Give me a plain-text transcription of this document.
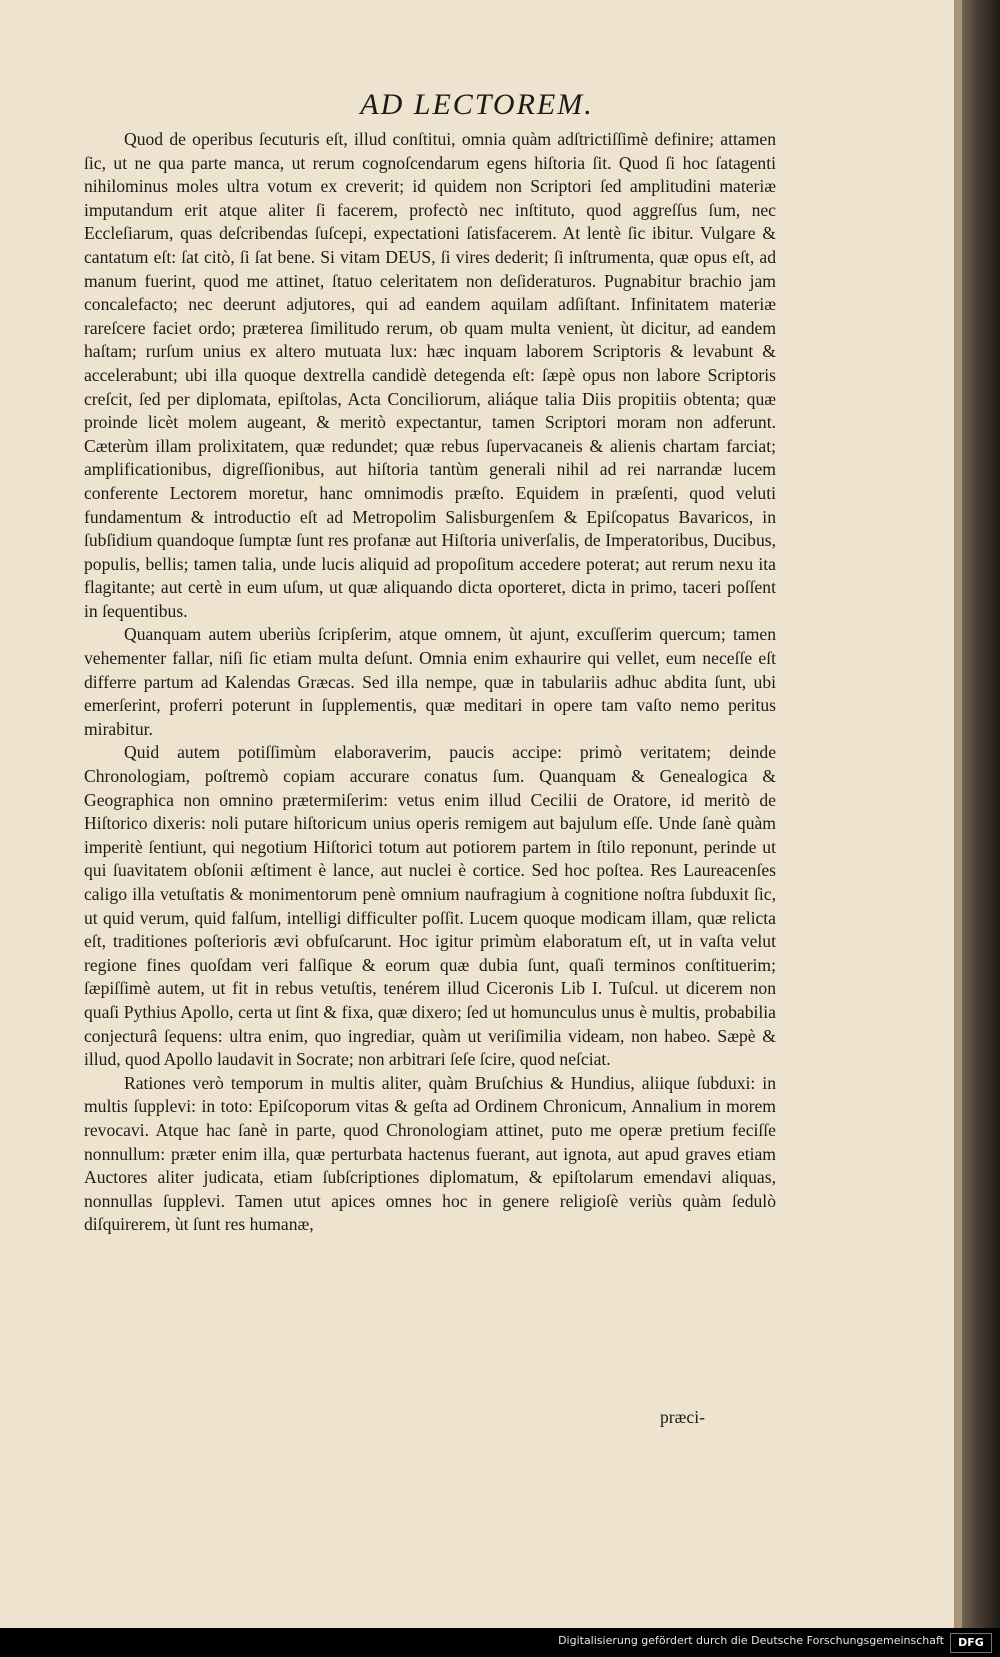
AD LECTOREM.

Quod de operibus ſecuturis eſt, illud conſtitui, omnia quàm adſtrictiſſimè definire; attamen ſic, ut ne qua parte manca, ut rerum cognoſcendarum egens hiſtoria ſit. Quod ſi hoc ſatagenti nihilominus moles ultra votum ex creverit; id quidem non Scriptori ſed amplitudini materiæ imputandum erit atque aliter ſi facerem, profectò nec inſtituto, quod aggreſſus ſum, nec Eccleſiarum, quas deſcribendas ſuſcepi, expectationi ſatisfacerem. At lentè ſic ibitur. Vulgare & cantatum eſt: ſat citò, ſi ſat bene. Si vitam DEUS, ſi vires dederit; ſi inſtrumenta, quæ opus eſt, ad manum fuerint, quod me attinet, ſtatuo celeritatem non deſideraturos. Pugnabitur brachio jam concalefacto; nec deerunt adjutores, qui ad eandem aquilam adſiſtant. Infinitatem materiæ rareſcere faciet ordo; præterea ſimilitudo rerum, ob quam multa venient, ùt dicitur, ad eandem haſtam; rurſum unius ex altero mutuata lux: hæc inquam laborem Scriptoris & levabunt & accelerabunt; ubi illa quoque dextrella candidè detegenda eſt: ſæpè opus non labore Scriptoris creſcit, ſed per diplomata, epiſtolas, Acta Conciliorum, aliáque talia Diis propitiis obtenta; quæ proinde licèt molem augeant, & meritò expectantur, tamen Scriptori moram non adferunt. Cæterùm illam prolixitatem, quæ redundet; quæ rebus ſupervacaneis & alienis chartam farciat; amplificationibus, digreſſionibus, aut hiſtoria tantùm generali nihil ad rei narrandæ lucem conferente Lectorem moretur, hanc omnimodis præſto. Equidem in præſenti, quod veluti fundamentum & introductio eſt ad Metropolim Salisburgenſem & Epiſcopatus Bavaricos, in ſubſidium quandoque ſumptæ ſunt res profanæ aut Hiſtoria univerſalis, de Imperatoribus, Ducibus, populis, bellis; tamen talia, unde lucis aliquid ad propoſitum accedere poterat; aut rerum nexu ita flagitante; aut certè in eum uſum, ut quæ aliquando dicta oporteret, dicta in primo, taceri poſſent in ſequentibus.

Quanquam autem uberiùs ſcripſerim, atque omnem, ùt ajunt, excuſſerim quercum; tamen vehementer fallar, niſi ſic etiam multa deſunt. Omnia enim exhaurire qui vellet, eum neceſſe eſt differre partum ad Kalendas Græcas. Sed illa nempe, quæ in tabulariis adhuc abdita ſunt, ubi emerſerint, proferri poterunt in ſupplementis, quæ meditari in opere tam vaſto nemo peritus mirabitur.

Quid autem potiſſimùm elaboraverim, paucis accipe: primò veritatem; deinde Chronologiam, poſtremò copiam accurare conatus ſum. Quanquam & Genealogica & Geographica non omnino prætermiſerim: vetus enim illud Cecilii de Oratore, id meritò de Hiſtorico dixeris: noli putare hiſtoricum unius operis remigem aut bajulum eſſe. Unde ſanè quàm imperitè ſentiunt, qui negotium Hiſtorici totum aut potiorem partem in ſtilo reponunt, perinde ut qui ſuavitatem obſonii æſtiment è lance, aut nuclei è cortice. Sed hoc poſtea. Res Laureacenſes caligo illa vetuſtatis & monimentorum penè omnium naufragium à cognitione noſtra ſubduxit ſic, ut quid verum, quid falſum, intelligi difficulter poſſit. Lucem quoque modicam illam, quæ relicta eſt, traditiones poſterioris ævi obfuſcarunt. Hoc igitur primùm elaboratum eſt, ut in vaſta velut regione fines quoſdam veri falſique & eorum quæ dubia ſunt, quaſi terminos conſtituerim; ſæpiſſimè autem, ut fit in rebus vetuſtis, tenérem illud Ciceronis Lib I. Tuſcul. ut dicerem non quaſi Pythius Apollo, certa ut ſint & fixa, quæ dixero; ſed ut homunculus unus è multis, probabilia conjecturâ ſequens: ultra enim, quo ingrediar, quàm ut veriſimilia videam, non habeo. Sæpè & illud, quod Apollo laudavit in Socrate; non arbitrari ſeſe ſcire, quod neſciat.

Rationes verò temporum in multis aliter, quàm Bruſchius & Hundius, aliique ſubduxi: in multis ſupplevi: in toto: Epiſcoporum vitas & geſta ad Ordinem Chronicum, Annalium in morem revocavi. Atque hac ſanè in parte, quod Chronologiam attinet, puto me operæ pretium feciſſe nonnullum: præter enim illa, quæ perturbata hactenus fuerant, aut ignota, aut apud graves etiam Auctores aliter judicata, etiam ſubſcriptiones diplomatum, & epiſtolarum emendavi aliquas, nonnullas ſupplevi. Tamen utut apices omnes hoc in genere religioſè veriùs quàm ſedulò diſquirerem, ùt ſunt res humanæ,

præci-
Digitalisierung gefördert durch die Deutsche Forschungsgemeinschaft	DFG
